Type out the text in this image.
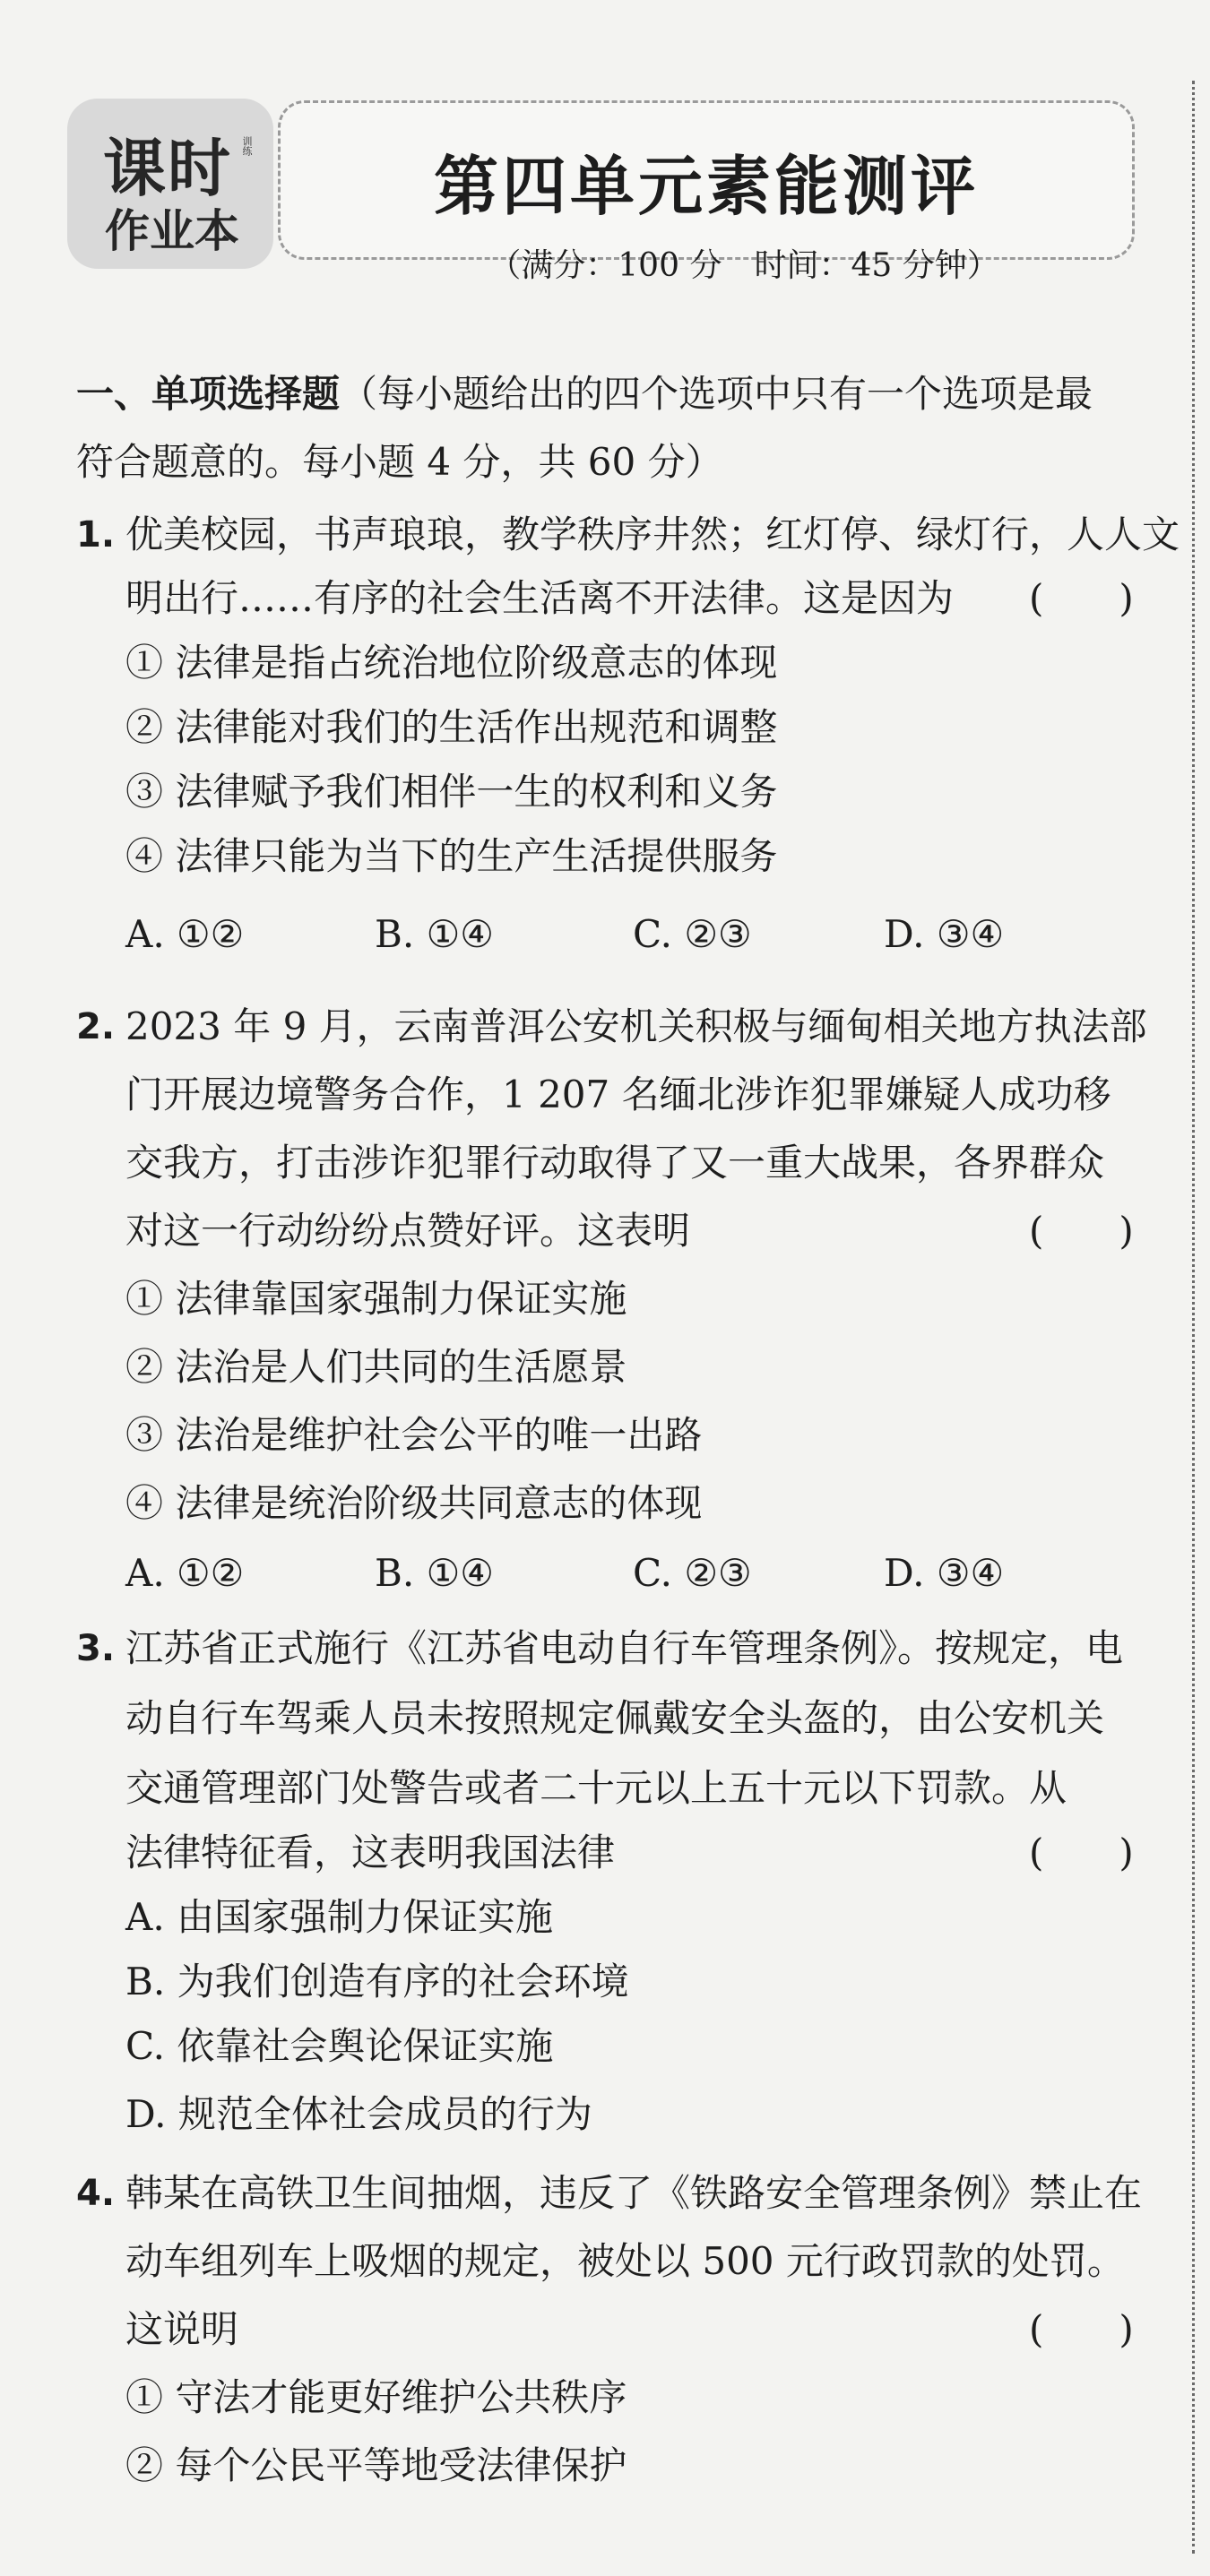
课时 训练
作业本
第四单元素能测评
（满分：100 分　时间：45 分钟）
一、单项选择题（每小题给出的四个选项中只有一个选项是最
符合题意的。每小题 4 分，共 60 分）
1. 优美校园，书声琅琅，教学秩序井然；红灯停、绿灯行，人人文
明出行……有序的社会生活离不开法律。这是因为 (　　)
① 法律是指占统治地位阶级意志的体现
② 法律能对我们的生活作出规范和调整
③ 法律赋予我们相伴一生的权利和义务
④ 法律只能为当下的生产生活提供服务
A. ①②	B. ①④	C. ②③	D. ③④
2. 2023 年 9 月，云南普洱公安机关积极与缅甸相关地方执法部
门开展边境警务合作，1 207 名缅北涉诈犯罪嫌疑人成功移
交我方，打击涉诈犯罪行动取得了又一重大战果，各界群众
对这一行动纷纷点赞好评。这表明	(　　)
① 法律靠国家强制力保证实施
② 法治是人们共同的生活愿景
③ 法治是维护社会公平的唯一出路
④ 法律是统治阶级共同意志的体现
A. ①②	B. ①④	C. ②③	D. ③④
3. 江苏省正式施行《江苏省电动自行车管理条例》。按规定，电
动自行车驾乘人员未按照规定佩戴安全头盔的，由公安机关
交通管理部门处警告或者二十元以上五十元以下罚款。从
法律特征看，这表明我国法律	(　　)
A. 由国家强制力保证实施
B. 为我们创造有序的社会环境
C. 依靠社会舆论保证实施
D. 规范全体社会成员的行为
4. 韩某在高铁卫生间抽烟，违反了《铁路安全管理条例》禁止在
动车组列车上吸烟的规定，被处以 500 元行政罚款的处罚。
这说明	(　　)
① 守法才能更好维护公共秩序
② 每个公民平等地受法律保护
